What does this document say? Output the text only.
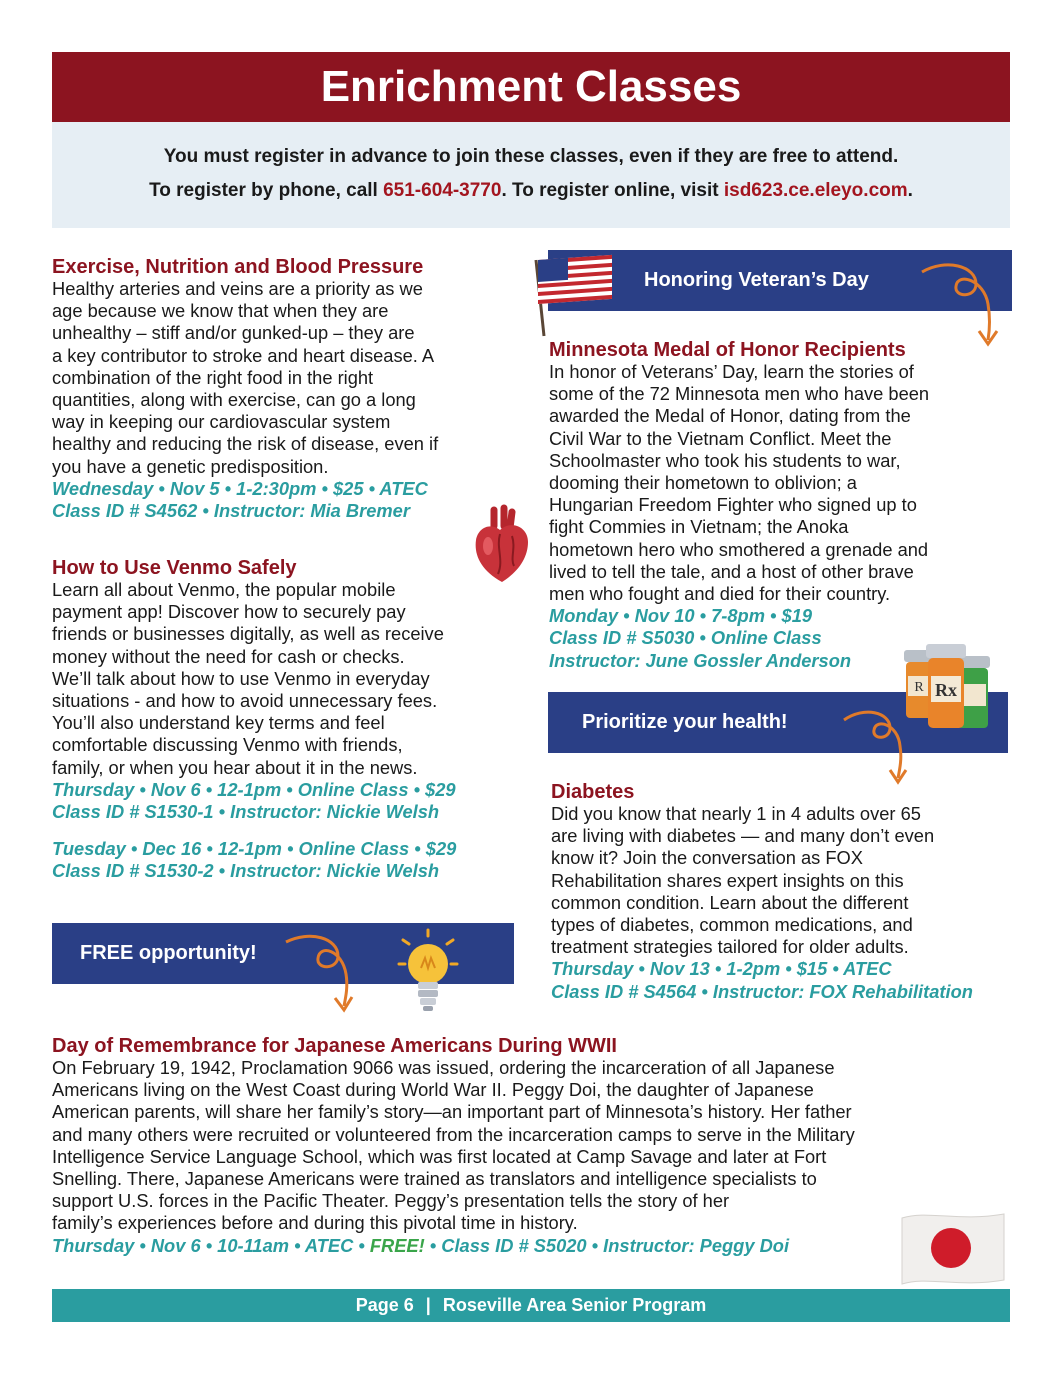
Enrichment Classes

You must register in advance to join these classes, even if they are free to attend.

To register by phone, call 651-604-3770. To register online, visit isd623.ce.eleyo.com.

Exercise, Nutrition and Blood Pressure
Healthy arteries and veins are a priority as we
age because we know that when they are
unhealthy – stiff and/or gunked-up – they are
a key contributor to stroke and heart disease. A
combination of the right food in the right
quantities, along with exercise, can go a long
way in keeping our cardiovascular system
healthy and reducing the risk of disease, even if
you have a genetic predisposition.
Wednesday • Nov 5 • 1-2:30pm • $25 • ATEC
Class ID # S4562 • Instructor: Mia Bremer
How to Use Venmo Safely
Learn all about Venmo, the popular mobile
payment app! Discover how to securely pay
friends or businesses digitally, as well as receive
money without the need for cash or checks.
We’ll talk about how to use Venmo in everyday
situations - and how to avoid unnecessary fees.
You’ll also understand key terms and feel
comfortable discussing Venmo with friends,
family, or when you hear about it in the news.
Thursday • Nov 6 • 12-1pm • Online Class • $29
Class ID # S1530-1 • Instructor: Nickie Welsh
Tuesday • Dec 16 • 12-1pm • Online Class • $29
Class ID # S1530-2 • Instructor: Nickie Welsh
FREE opportunity!
Honoring Veteran’s Day
Minnesota Medal of Honor Recipients
In honor of Veterans’ Day, learn the stories of
some of the 72 Minnesota men who have been
awarded the Medal of Honor, dating from the
Civil War to the Vietnam Conflict. Meet the
Schoolmaster who took his students to war,
dooming their hometown to oblivion; a
Hungarian Freedom Fighter who signed up to
fight Commies in Vietnam; the Anoka
hometown hero who smothered a grenade and
lived to tell the tale, and a host of other brave
men who fought and died for their country.
Monday • Nov 10 • 7-8pm • $19
Class ID # S5030 • Online Class
Instructor: June Gossler Anderson
Prioritize your health!
R Rx
Diabetes
Did you know that nearly 1 in 4 adults over 65
are living with diabetes — and many don’t even
know it? Join the conversation as FOX
Rehabilitation shares expert insights on this
common condition. Learn about the different
types of diabetes, common medications, and
treatment strategies tailored for older adults.
Thursday • Nov 13 • 1-2pm • $15 • ATEC
Class ID # S4564 • Instructor: FOX Rehabilitation
Day of Remembrance for Japanese Americans During WWII
On February 19, 1942, Proclamation 9066 was issued, ordering the incarceration of all Japanese
Americans living on the West Coast during World War II. Peggy Doi, the daughter of Japanese
American parents, will share her family’s story—an important part of Minnesota’s history. Her father
and many others were recruited or volunteered from the incarceration camps to serve in the Military
Intelligence Service Language School, which was first located at Camp Savage and later at Fort
Snelling. There, Japanese Americans were trained as translators and intelligence specialists to
support U.S. forces in the Pacific Theater. Peggy’s presentation tells the story of her
family’s experiences before and during this pivotal time in history.
Thursday • Nov 6 • 10-11am • ATEC • FREE! • Class ID # S5020 • Instructor: Peggy Doi
Page 6 | Roseville Area Senior Program
